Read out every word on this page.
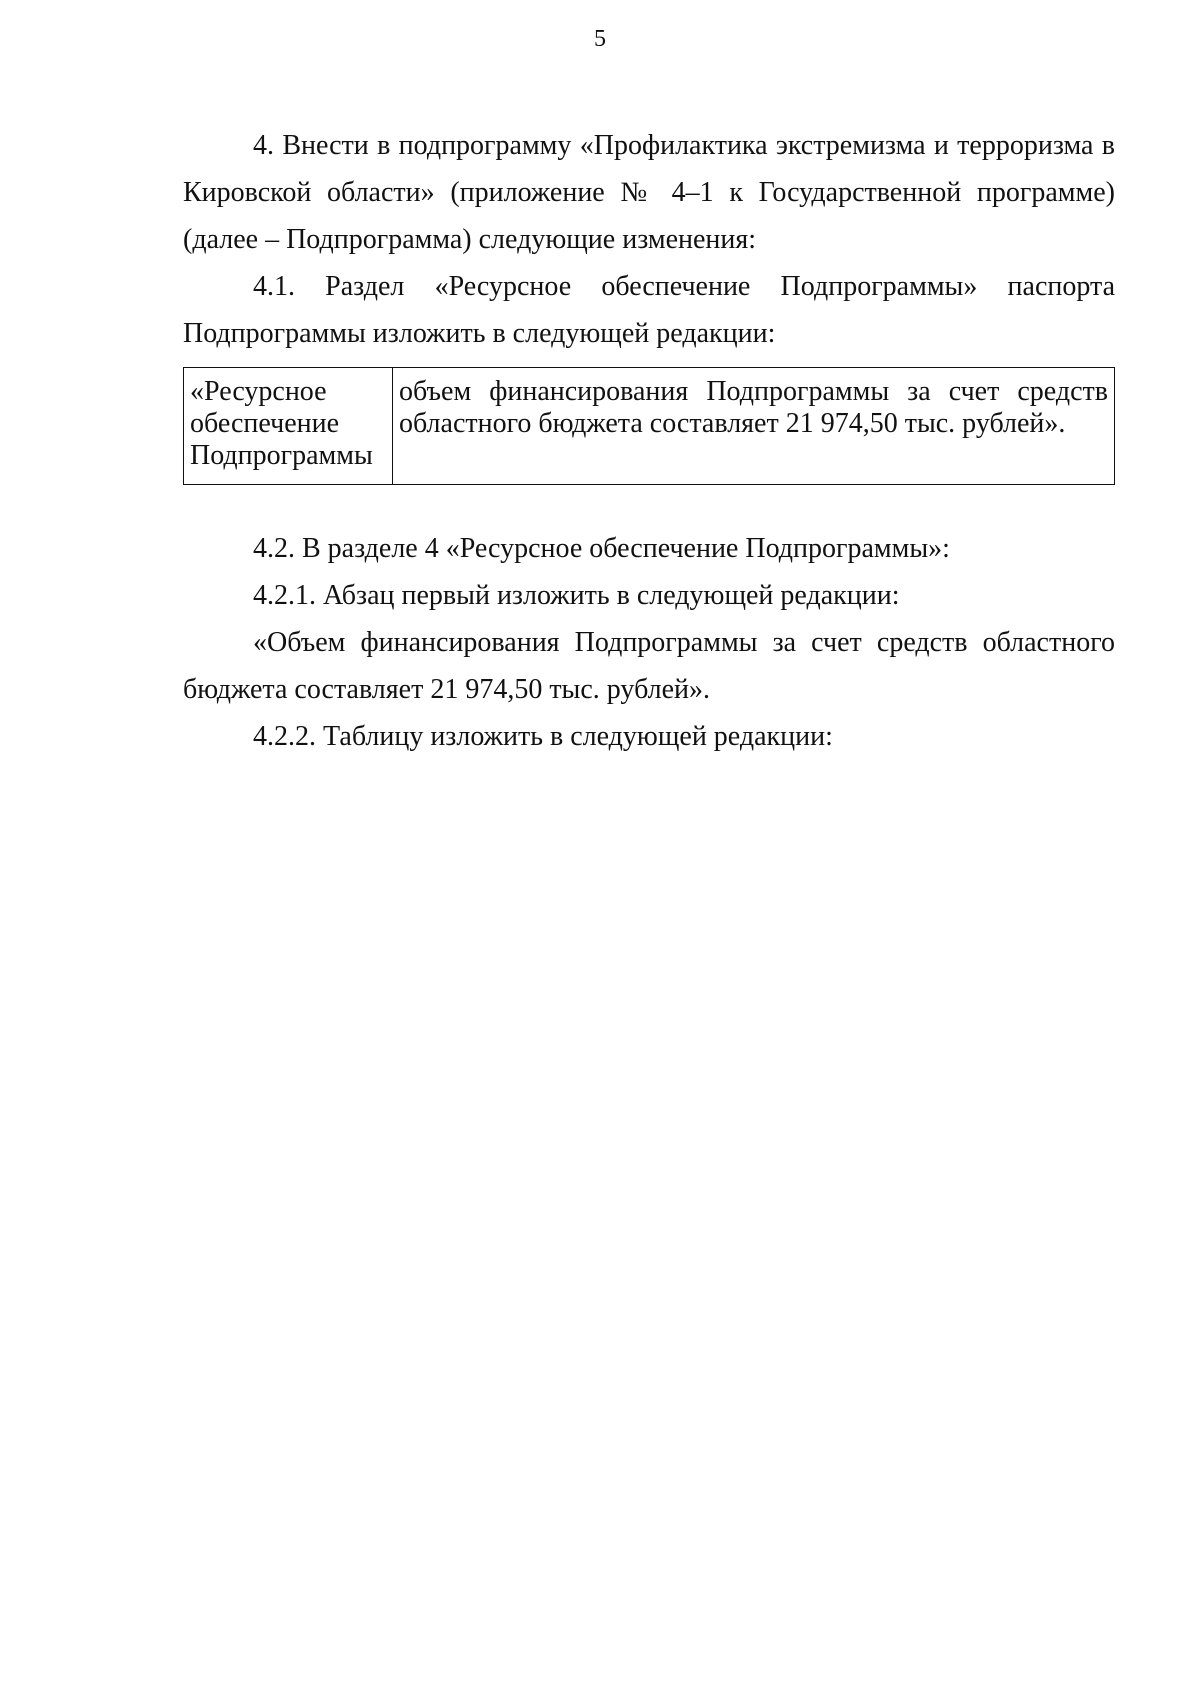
5

4. Внести в подпрограмму «Профилактика экстремизма и терроризма в Кировской области» (приложение № 4–1 к Государственной программе) (далее – Подпрограмма) следующие изменения:

4.1. Раздел «Ресурсное обеспечение Подпрограммы» паспорта Подпрограммы изложить в следующей редакции:

«Ресурсное
обеспечение
Подпрограммы
	объем финансирования Подпрограммы за счет средств областного бюджета составляет 21 974,50 тыс. рублей».

4.2. В разделе 4 «Ресурсное обеспечение Подпрограммы»:

4.2.1. Абзац первый изложить в следующей редакции:

«Объем финансирования Подпрограммы за счет средств областного бюджета составляет 21 974,50 тыс. рублей».

4.2.2. Таблицу изложить в следующей редакции:
